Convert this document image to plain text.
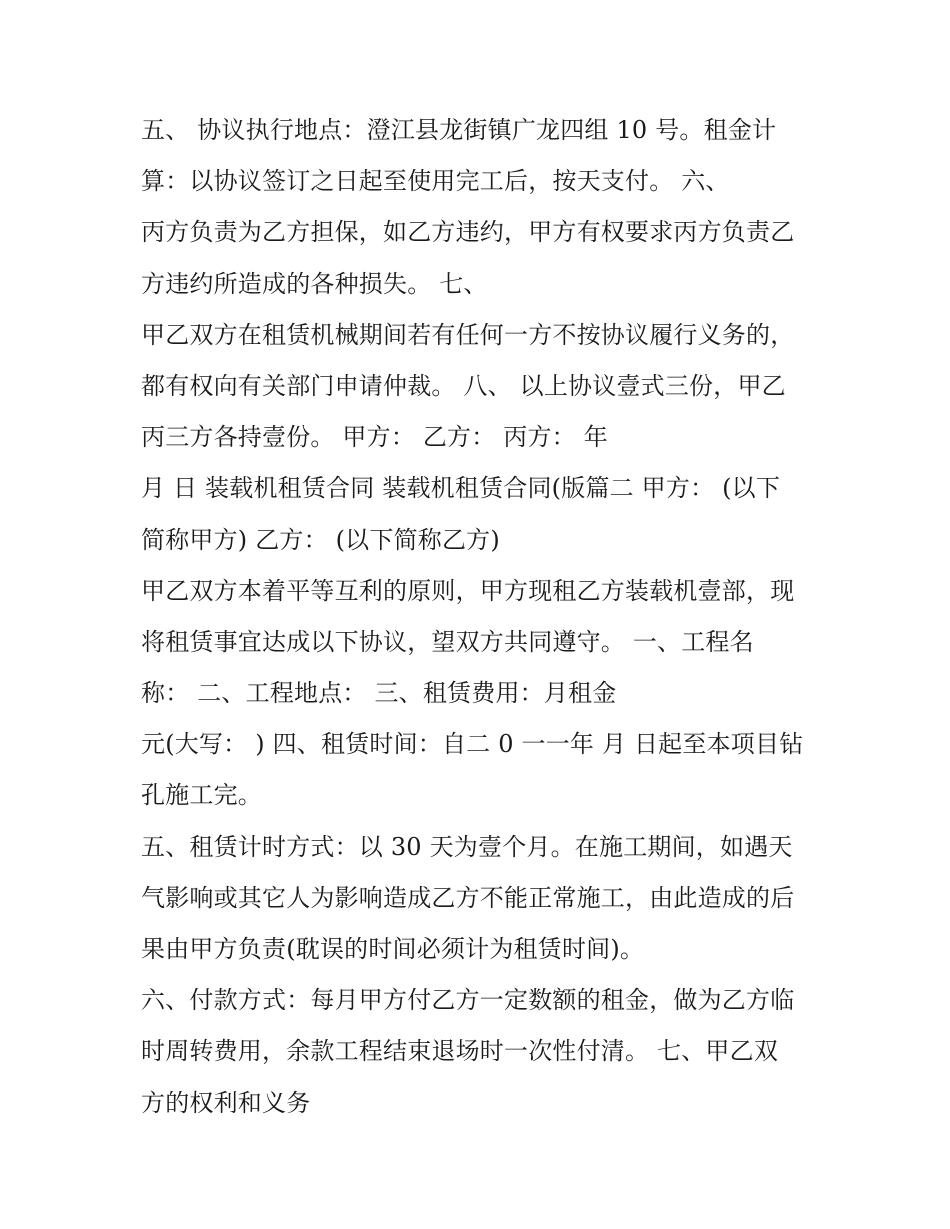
五、 协议执行地点：澄江县龙街镇广龙四组 10 号。租金计
算：以协议签订之日起至使用完工后，按天支付。 六、
丙方负责为乙方担保，如乙方违约，甲方有权要求丙方负责乙
方违约所造成的各种损失。 七、
甲乙双方在租赁机械期间若有任何一方不按协议履行义务的，
都有权向有关部门申请仲裁。 八、 以上协议壹式三份，甲乙
丙三方各持壹份。 甲方： 乙方： 丙方： 年
月 日 装载机租赁合同 装载机租赁合同(版篇二 甲方： (以下
简称甲方) 乙方： (以下简称乙方)
甲乙双方本着平等互利的原则，甲方现租乙方装载机壹部，现
将租赁事宜达成以下协议，望双方共同遵守。 一、工程名
称： 二、工程地点： 三、租赁费用：月租金
元(大写： ) 四、租赁时间：自二 0 一一年 月 日起至本项目钻
孔施工完。
五、租赁计时方式：以 30 天为壹个月。在施工期间，如遇天
气影响或其它人为影响造成乙方不能正常施工，由此造成的后
果由甲方负责(耽误的时间必须计为租赁时间)。
六、付款方式：每月甲方付乙方一定数额的租金，做为乙方临
时周转费用，余款工程结束退场时一次性付清。 七、甲乙双
方的权利和义务
